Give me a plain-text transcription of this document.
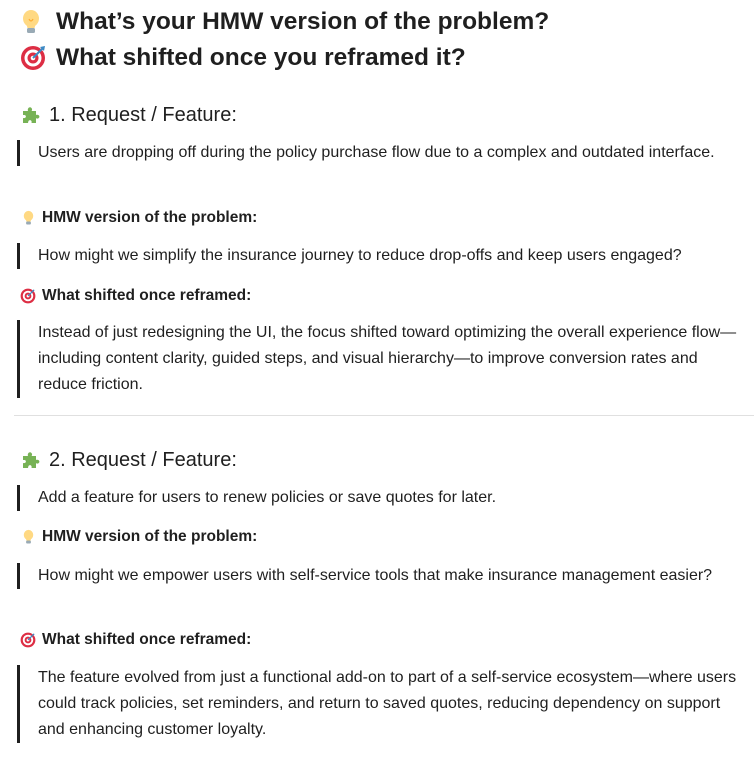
What’s your HMW version of the problem?
What shifted once you reframed it?
1. Request / Feature:
Users are dropping off during the policy purchase flow due to a complex and outdated interface.
HMW version of the problem:
How might we simplify the insurance journey to reduce drop-offs and keep users engaged?
What shifted once reframed:
Instead of just redesigning the UI, the focus shifted toward optimizing the overall experience flow—including content clarity, guided steps, and visual hierarchy—to improve conversion rates and reduce friction.
2. Request / Feature:
Add a feature for users to renew policies or save quotes for later.
HMW version of the problem:
How might we empower users with self-service tools that make insurance management easier?
What shifted once reframed:
The feature evolved from just a functional add-on to part of a self-service ecosystem—where users could track policies, set reminders, and return to saved quotes, reducing dependency on support and enhancing customer loyalty.
